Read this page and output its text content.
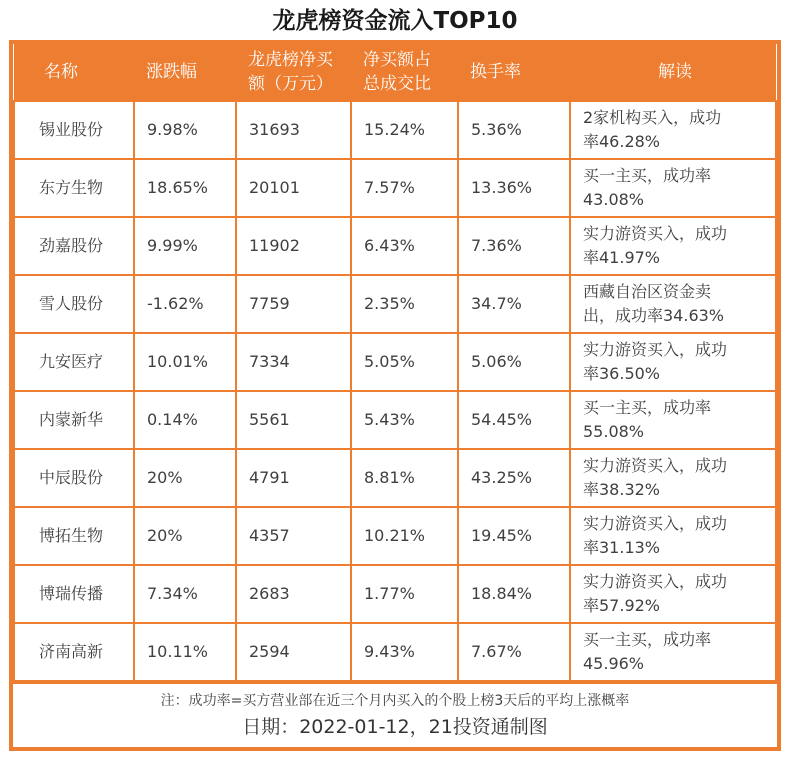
龙虎榜资金流入TOP10
名称	涨跌幅	龙虎榜净买额（万元）	净买额占总成交比	换手率	解读
锡业股份	9.98%	31693	15.24%	5.36%	2家机构买入，成功率46.28%
东方生物	18.65%	20101	7.57%	13.36%	买一主买，成功率43.08%
劲嘉股份	9.99%	11902	6.43%	7.36%	实力游资买入，成功率41.97%
雪人股份	-1.62%	7759	2.35%	34.7%	西藏自治区资金卖出，成功率34.63%
九安医疗	10.01%	7334	5.05%	5.06%	实力游资买入，成功率36.50%
内蒙新华	0.14%	5561	5.43%	54.45%	买一主买，成功率55.08%
中辰股份	20%	4791	8.81%	43.25%	实力游资买入，成功率38.32%
博拓生物	20%	4357	10.21%	19.45%	实力游资买入，成功率31.13%
博瑞传播	7.34%	2683	1.77%	18.84%	实力游资买入，成功率57.92%
济南高新	10.11%	2594	9.43%	7.67%	买一主买，成功率45.96%
注：成功率=买方营业部在近三个月内买入的个股上榜3天后的平均上涨概率
日期：2022-01-12，21投资通制图
